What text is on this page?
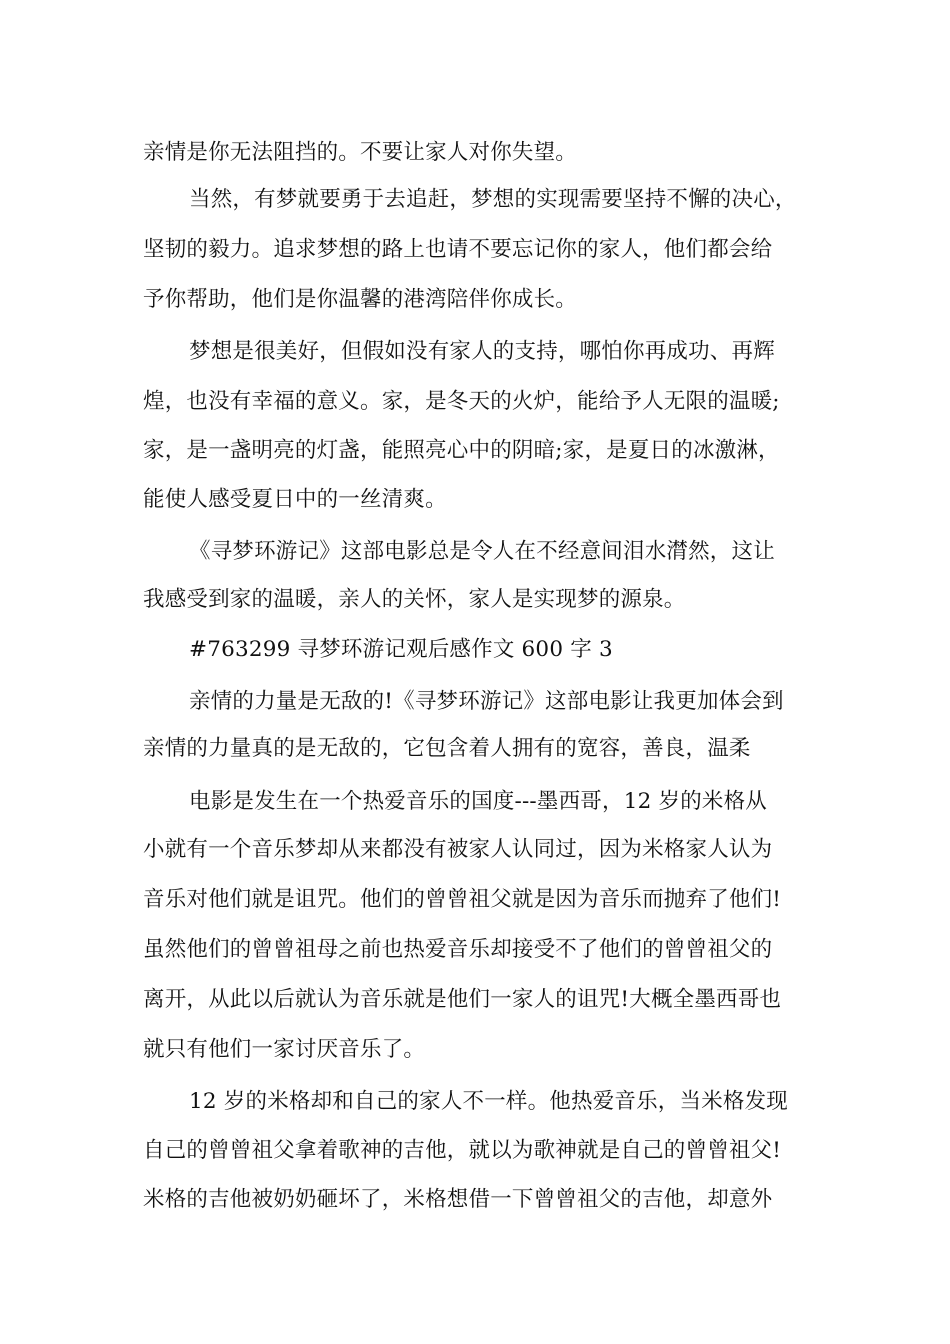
亲情是你无法阻挡的。不要让家人对你失望。
当然，有梦就要勇于去追赶，梦想的实现需要坚持不懈的决心，
坚韧的毅力。追求梦想的路上也请不要忘记你的家人，他们都会给
予你帮助，他们是你温馨的港湾陪伴你成长。
梦想是很美好，但假如没有家人的支持，哪怕你再成功、再辉
煌，也没有幸福的意义。家，是冬天的火炉，能给予人无限的温暖;
家，是一盏明亮的灯盏，能照亮心中的阴暗;家，是夏日的冰激淋，
能使人感受夏日中的一丝清爽。
《寻梦环游记》这部电影总是令人在不经意间泪水潸然，这让
我感受到家的温暖，亲人的关怀，家人是实现梦的源泉。
#763299 寻梦环游记观后感作文 600 字 3
亲情的力量是无敌的!《寻梦环游记》这部电影让我更加体会到
亲情的力量真的是无敌的，它包含着人拥有的宽容，善良，温柔
电影是发生在一个热爱音乐的国度---墨西哥，12 岁的米格从
小就有一个音乐梦却从来都没有被家人认同过，因为米格家人认为
音乐对他们就是诅咒。他们的曾曾祖父就是因为音乐而抛弃了他们!
虽然他们的曾曾祖母之前也热爱音乐却接受不了他们的曾曾祖父的
离开，从此以后就认为音乐就是他们一家人的诅咒!大概全墨西哥也
就只有他们一家讨厌音乐了。
12 岁的米格却和自己的家人不一样。他热爱音乐，当米格发现
自己的曾曾祖父拿着歌神的吉他，就以为歌神就是自己的曾曾祖父!
米格的吉他被奶奶砸坏了，米格想借一下曾曾祖父的吉他，却意外
